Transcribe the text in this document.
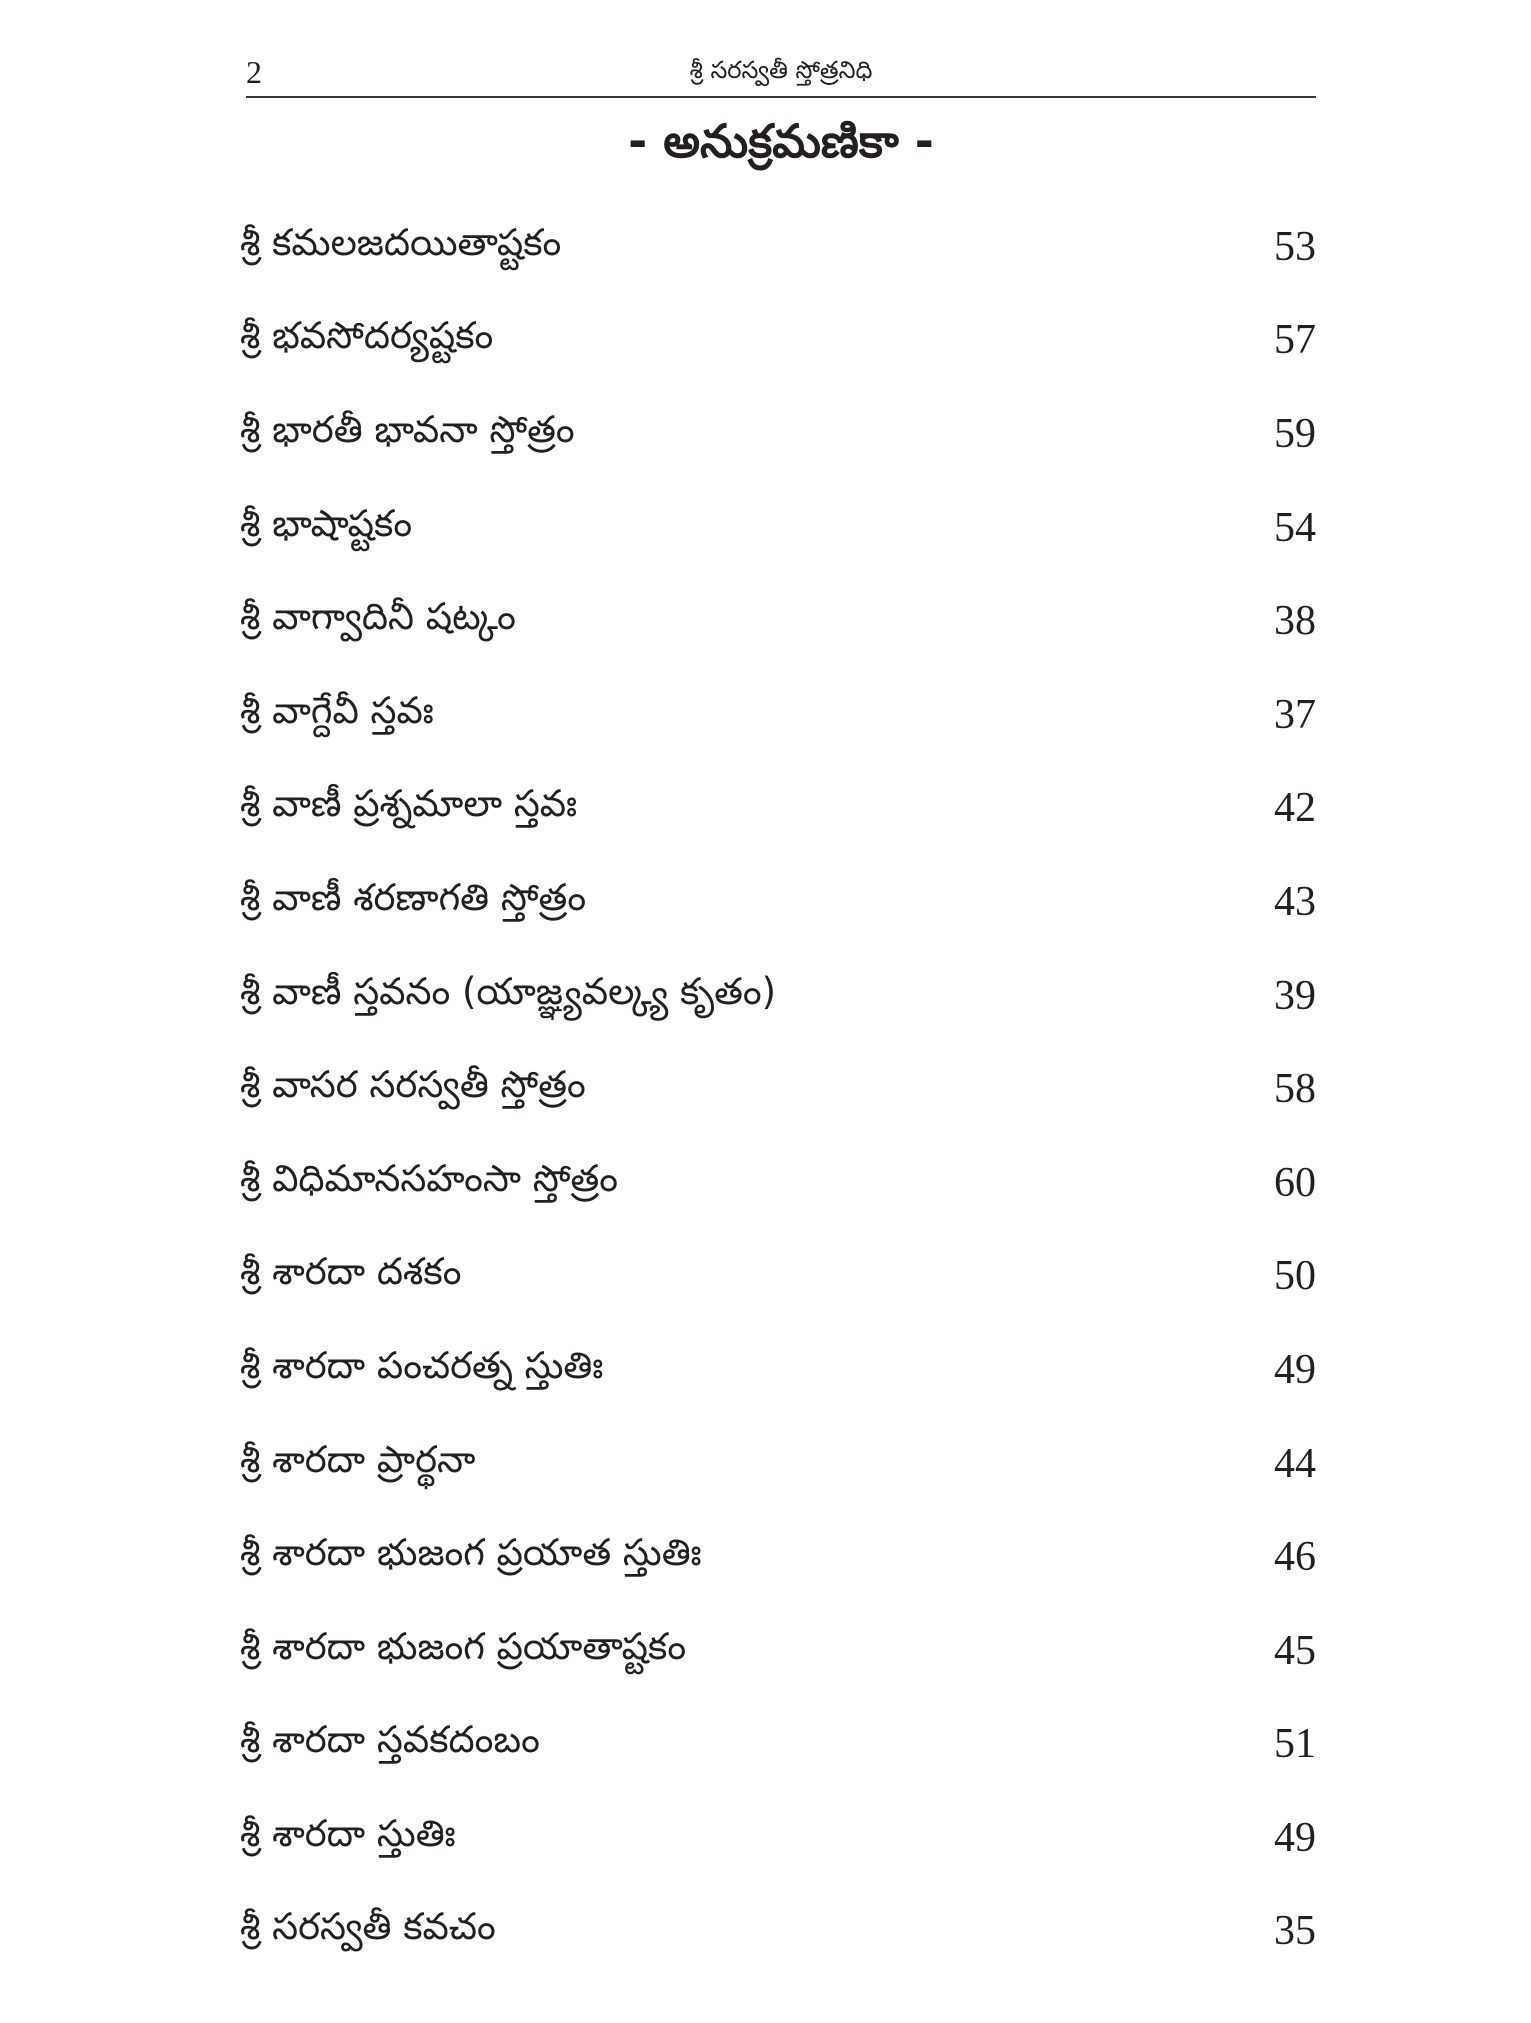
2	శ్రీ సరస్వతీ స్తోత్రనిధి
- అనుక్రమణికా -
శ్రీ కమలజదయితాష్టకం	53
శ్రీ భవసోదర్యష్టకం	57
శ్రీ భారతీ భావనా స్తోత్రం	59
శ్రీ భాషాష్టకం	54
శ్రీ వాగ్వాదినీ షట్కం	38
శ్రీ వాగ్దేవీ స్తవః	37
శ్రీ వాణీ ప్రశ్నమాలా స్తవః	42
శ్రీ వాణీ శరణాగతి స్తోత్రం	43
శ్రీ వాణీ స్తవనం (యాజ్ఞ్యవల్క్య కృతం)	39
శ్రీ వాసర సరస్వతీ స్తోత్రం	58
శ్రీ విధిమానసహంసా స్తోత్రం	60
శ్రీ శారదా దశకం	50
శ్రీ శారదా పంచరత్న స్తుతిః	49
శ్రీ శారదా ప్రార్థనా	44
శ్రీ శారదా భుజంగ ప్రయాత స్తుతిః	46
శ్రీ శారదా భుజంగ ప్రయాతాష్టకం	45
శ్రీ శారదా స్తవకదంబం	51
శ్రీ శారదా స్తుతిః	49
శ్రీ సరస్వతీ కవచం	35
